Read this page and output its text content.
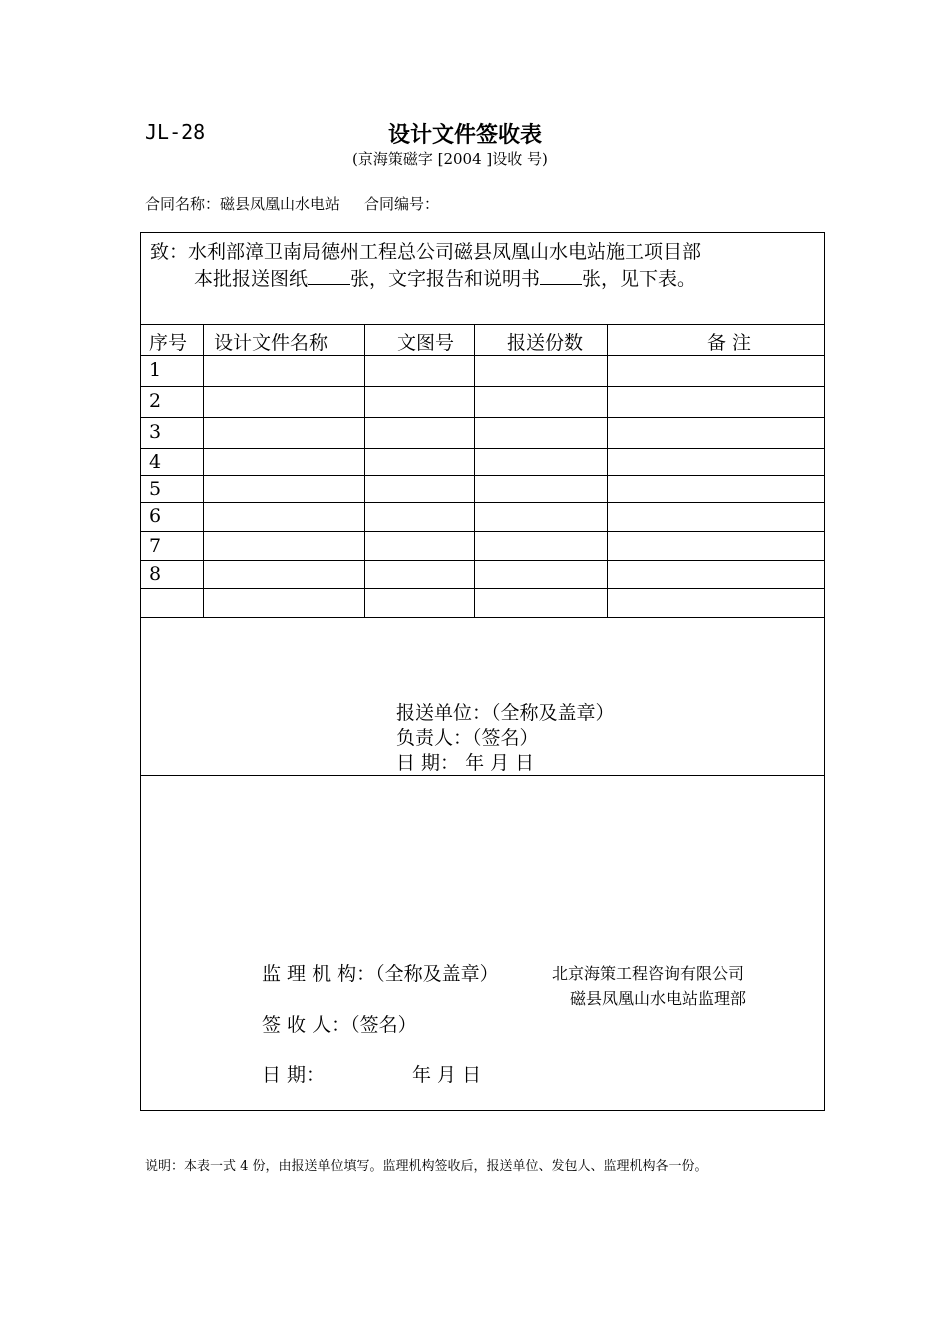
JL-28	设计文件签收表
(京海策磁字 [2004 ]设收 号)
合同名称：磁县凤凰山水电站 合同编号：
致：水利部漳卫南局德州工程总公司磁县凤凰山水电站施工项目部
本批报送图纸 张，文字报告和说明书 张，见下表。
序号 设计文件名称	文图号	报送份数	备 注
1
2
3
4
5
6
7
8
报送单位：（全称及盖章）
负责人：（签名）
日 期： 年 月 日
监 理 机 构：（全称及盖章）	北京海策工程咨询有限公司
磁县凤凰山水电站监理部
签 收 人：（签名）
日 期：	年 月 日
说明：本表一式 4 份，由报送单位填写。监理机构签收后，报送单位、发包人、监理机构各一份。
